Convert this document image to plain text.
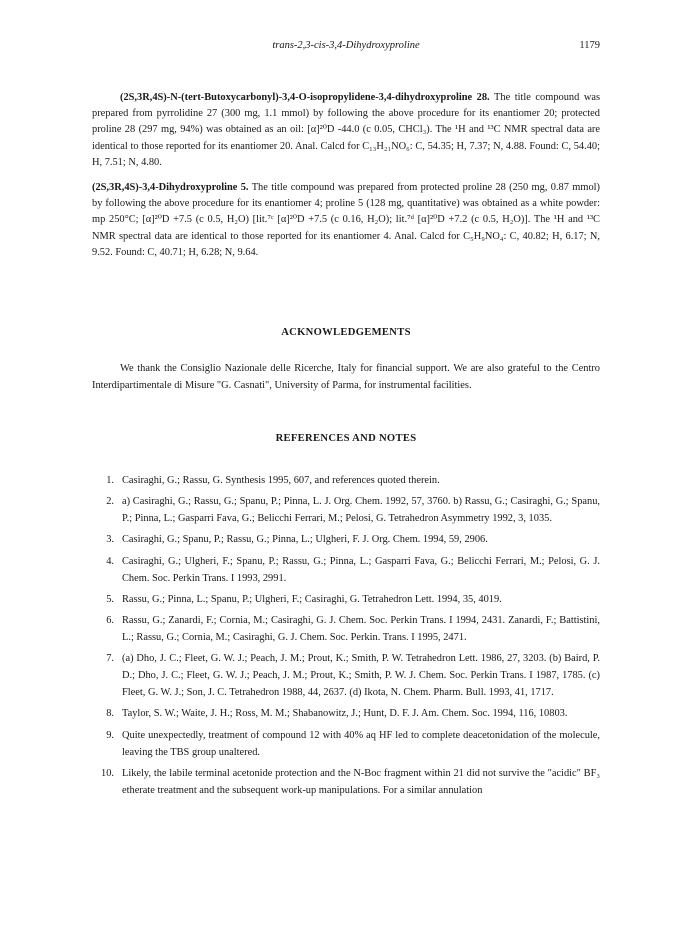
trans-2,3-cis-3,4-Dihydroxyproline	1179
(2S,3R,4S)-N-(tert-Butoxycarbonyl)-3,4-O-isopropylidene-3,4-dihydroxyproline 28. The title compound was prepared from pyrrolidine 27 (300 mg, 1.1 mmol) by following the above procedure for its enantiomer 20; protected proline 28 (297 mg, 94%) was obtained as an oil: [α]²⁰D -44.0 (c 0.05, CHCl₃). The ¹H and ¹³C NMR spectral data are identical to those reported for its enantiomer 20. Anal. Calcd for C₁₃H₂₁NO₆: C, 54.35; H, 7.37; N, 4.88. Found: C, 54.40; H, 7.51; N, 4.80.
(2S,3R,4S)-3,4-Dihydroxyproline 5. The title compound was prepared from protected proline 28 (250 mg, 0.87 mmol) by following the above procedure for its enantiomer 4; proline 5 (128 mg, quantitative) was obtained as a white powder: mp 250°C; [α]²⁰D +7.5 (c 0.5, H₂O) [lit.⁷ᶜ [α]²⁰D +7.5 (c 0.16, H₂O); lit.⁷ᵈ [α]²⁰D +7.2 (c 0.5, H₂O)]. The ¹H and ¹³C NMR spectral data are identical to those reported for its enantiomer 4. Anal. Calcd for C₅H₉NO₄: C, 40.82; H, 6.17; N, 9.52. Found: C, 40.71; H, 6.28; N, 9.64.
ACKNOWLEDGEMENTS
We thank the Consiglio Nazionale delle Ricerche, Italy for financial support. We are also grateful to the Centro Interdipartimentale di Misure "G. Casnati", University of Parma, for instrumental facilities.
REFERENCES AND NOTES
1. Casiraghi, G.; Rassu, G. Synthesis 1995, 607, and references quoted therein.
2. a) Casiraghi, G.; Rassu, G.; Spanu, P.; Pinna, L. J. Org. Chem. 1992, 57, 3760. b) Rassu, G.; Casiraghi, G.; Spanu, P.; Pinna, L.; Gasparri Fava, G.; Belicchi Ferrari, M.; Pelosi, G. Tetrahedron Asymmetry 1992, 3, 1035.
3. Casiraghi, G.; Spanu, P.; Rassu, G.; Pinna, L.; Ulgheri, F. J. Org. Chem. 1994, 59, 2906.
4. Casiraghi, G.; Ulgheri, F.; Spanu, P.; Rassu, G.; Pinna, L.; Gasparri Fava, G.; Belicchi Ferrari, M.; Pelosi, G. J. Chem. Soc. Perkin Trans. I 1993, 2991.
5. Rassu, G.; Pinna, L.; Spanu, P.; Ulgheri, F.; Casiraghi, G. Tetrahedron Lett. 1994, 35, 4019.
6. Rassu, G.; Zanardi, F.; Cornia, M.; Casiraghi, G. J. Chem. Soc. Perkin Trans. I 1994, 2431. Zanardi, F.; Battistini, L.; Rassu, G.; Cornia, M.; Casiraghi, G. J. Chem. Soc. Perkin. Trans. I 1995, 2471.
7. (a) Dho, J. C.; Fleet, G. W. J.; Peach, J. M.; Prout, K.; Smith, P. W. Tetrahedron Lett. 1986, 27, 3203. (b) Baird, P. D.; Dho, J. C.; Fleet, G. W. J.; Peach, J. M.; Prout, K.; Smith, P. W. J. Chem. Soc. Perkin Trans. I 1987, 1785. (c) Fleet, G. W. J.; Son, J. C. Tetrahedron 1988, 44, 2637. (d) Ikota, N. Chem. Pharm. Bull. 1993, 41, 1717.
8. Taylor, S. W.; Waite, J. H.; Ross, M. M.; Shabanowitz, J.; Hunt, D. F. J. Am. Chem. Soc. 1994, 116, 10803.
9. Quite unexpectedly, treatment of compound 12 with 40% aq HF led to complete deacetonidation of the molecule, leaving the TBS group unaltered.
10. Likely, the labile terminal acetonide protection and the N-Boc fragment within 21 did not survive the "acidic" BF₃ etherate treatment and the subsequent work-up manipulations. For a similar annulation
